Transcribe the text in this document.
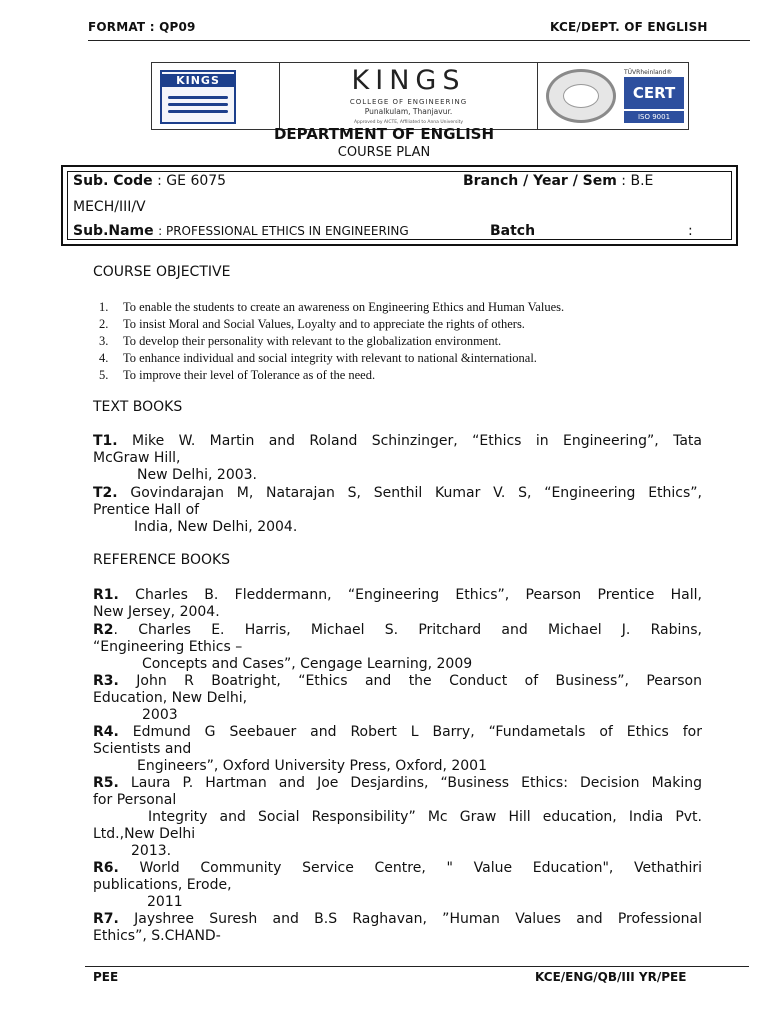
FORMAT : QP09	KCE/DEPT. OF ENGLISH
KINGS	KINGS
COLLEGE OF ENGINEERING
Punalkulam, Thanjavur.
Approved by AICTE, Affiliated to Anna University
TÜVRheinland®
CERT
ISO 9001
DEPARTMENT OF ENGLISH
COURSE PLAN
Sub. Code : GE 6075	Branch / Year / Sem : B.E
MECH/III/V
Sub.Name : PROFESSIONAL ETHICS IN ENGINEERING	Batch	:
COURSE OBJECTIVE
1. To enable the students to create an awareness on Engineering Ethics and Human Values.
2. To insist Moral and Social Values, Loyalty and to appreciate the rights of others.
3. To develop their personality with relevant to the globalization environment.
4. To enhance individual and social integrity with relevant to national &international.
5. To improve their level of Tolerance as of the need.
TEXT BOOKS
T1. Mike W. Martin and Roland Schinzinger, “Ethics in Engineering”, Tata
McGraw Hill,
New Delhi, 2003.
T2. Govindarajan M, Natarajan S, Senthil Kumar V. S, “Engineering Ethics”,
Prentice Hall of
India, New Delhi, 2004.
REFERENCE BOOKS
R1. Charles B. Fleddermann, “Engineering Ethics”, Pearson Prentice Hall,
New Jersey, 2004.
R2. Charles E. Harris, Michael S. Pritchard and Michael J. Rabins,
“Engineering Ethics –
Concepts and Cases”, Cengage Learning, 2009
R3. John R Boatright, “Ethics and the Conduct of Business”, Pearson
Education, New Delhi,
2003
R4. Edmund G Seebauer and Robert L Barry, “Fundametals of Ethics for
Scientists and
Engineers”, Oxford University Press, Oxford, 2001
R5. Laura P. Hartman and Joe Desjardins, “Business Ethics: Decision Making
for Personal
Integrity and Social Responsibility” Mc Graw Hill education, India Pvt.
Ltd.,New Delhi
2013.
R6. World Community Service Centre, " Value Education", Vethathiri
publications, Erode,
2011
R7. Jayshree Suresh and B.S Raghavan, ”Human Values and Professional
Ethics”, S.CHAND-
PEE	KCE/ENG/QB/III YR/PEE
